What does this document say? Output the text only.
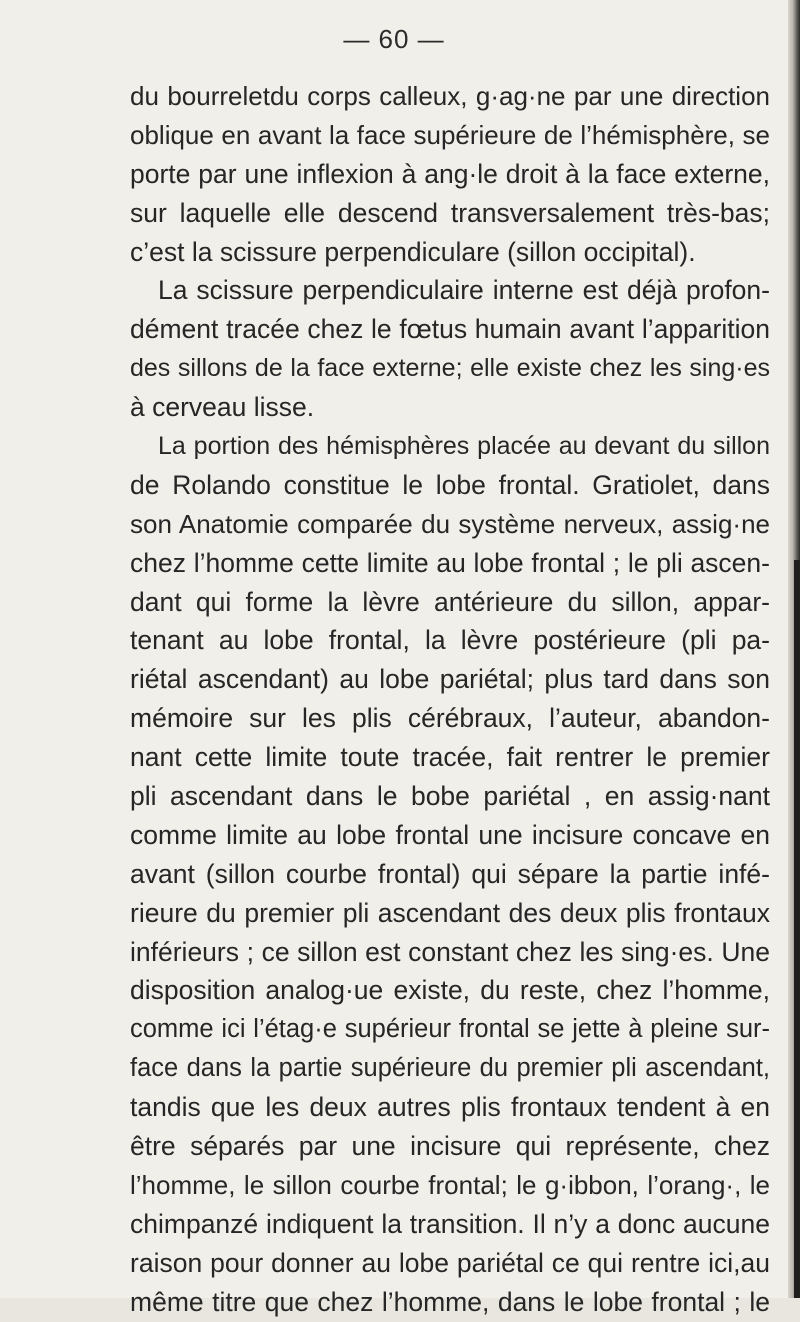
— 60 —
du bourreletdu corps calleux, g·ag·ne par une direction
oblique en avant la face supérieure de l’hémisphère, se
porte par une inflexion à ang·le droit à la face externe,
sur laquelle elle descend transversalement très-bas;
c’est la scissure perpendiculare (sillon occipital).
La scissure perpendiculaire interne est déjà profon-
dément tracée chez le fœtus humain avant l’apparition
des sillons de la face externe; elle existe chez les sing·es
à cerveau lisse.
La portion des hémisphères placée au devant du sillon
de Rolando constitue le lobe frontal. Gratiolet, dans
son Anatomie comparée du système nerveux, assig·ne
chez l’homme cette limite au lobe frontal ; le pli ascen-
dant qui forme la lèvre antérieure du sillon, appar-
tenant au lobe frontal, la lèvre postérieure (pli pa-
riétal ascendant) au lobe pariétal; plus tard dans son
mémoire sur les plis cérébraux, l’auteur, abandon-
nant cette limite toute tracée, fait rentrer le premier
pli ascendant dans le bobe pariétal , en assig·nant
comme limite au lobe frontal une incisure concave en
avant (sillon courbe frontal) qui sépare la partie infé-
rieure du premier pli ascendant des deux plis frontaux
inférieurs ; ce sillon est constant chez les sing·es. Une
disposition analog·ue existe, du reste, chez l’homme,
comme ici l’étag·e supérieur frontal se jette à pleine sur-
face dans la partie supérieure du premier pli ascendant,
tandis que les deux autres plis frontaux tendent à en
être séparés par une incisure qui représente, chez
l’homme, le sillon courbe frontal; le g·ibbon, l’orang·, le
chimpanzé indiquent la transition. Il n’y a donc aucune
raison pour donner au lobe pariétal ce qui rentre ici,au
même titre que chez l’homme, dans le lobe frontal ; le
